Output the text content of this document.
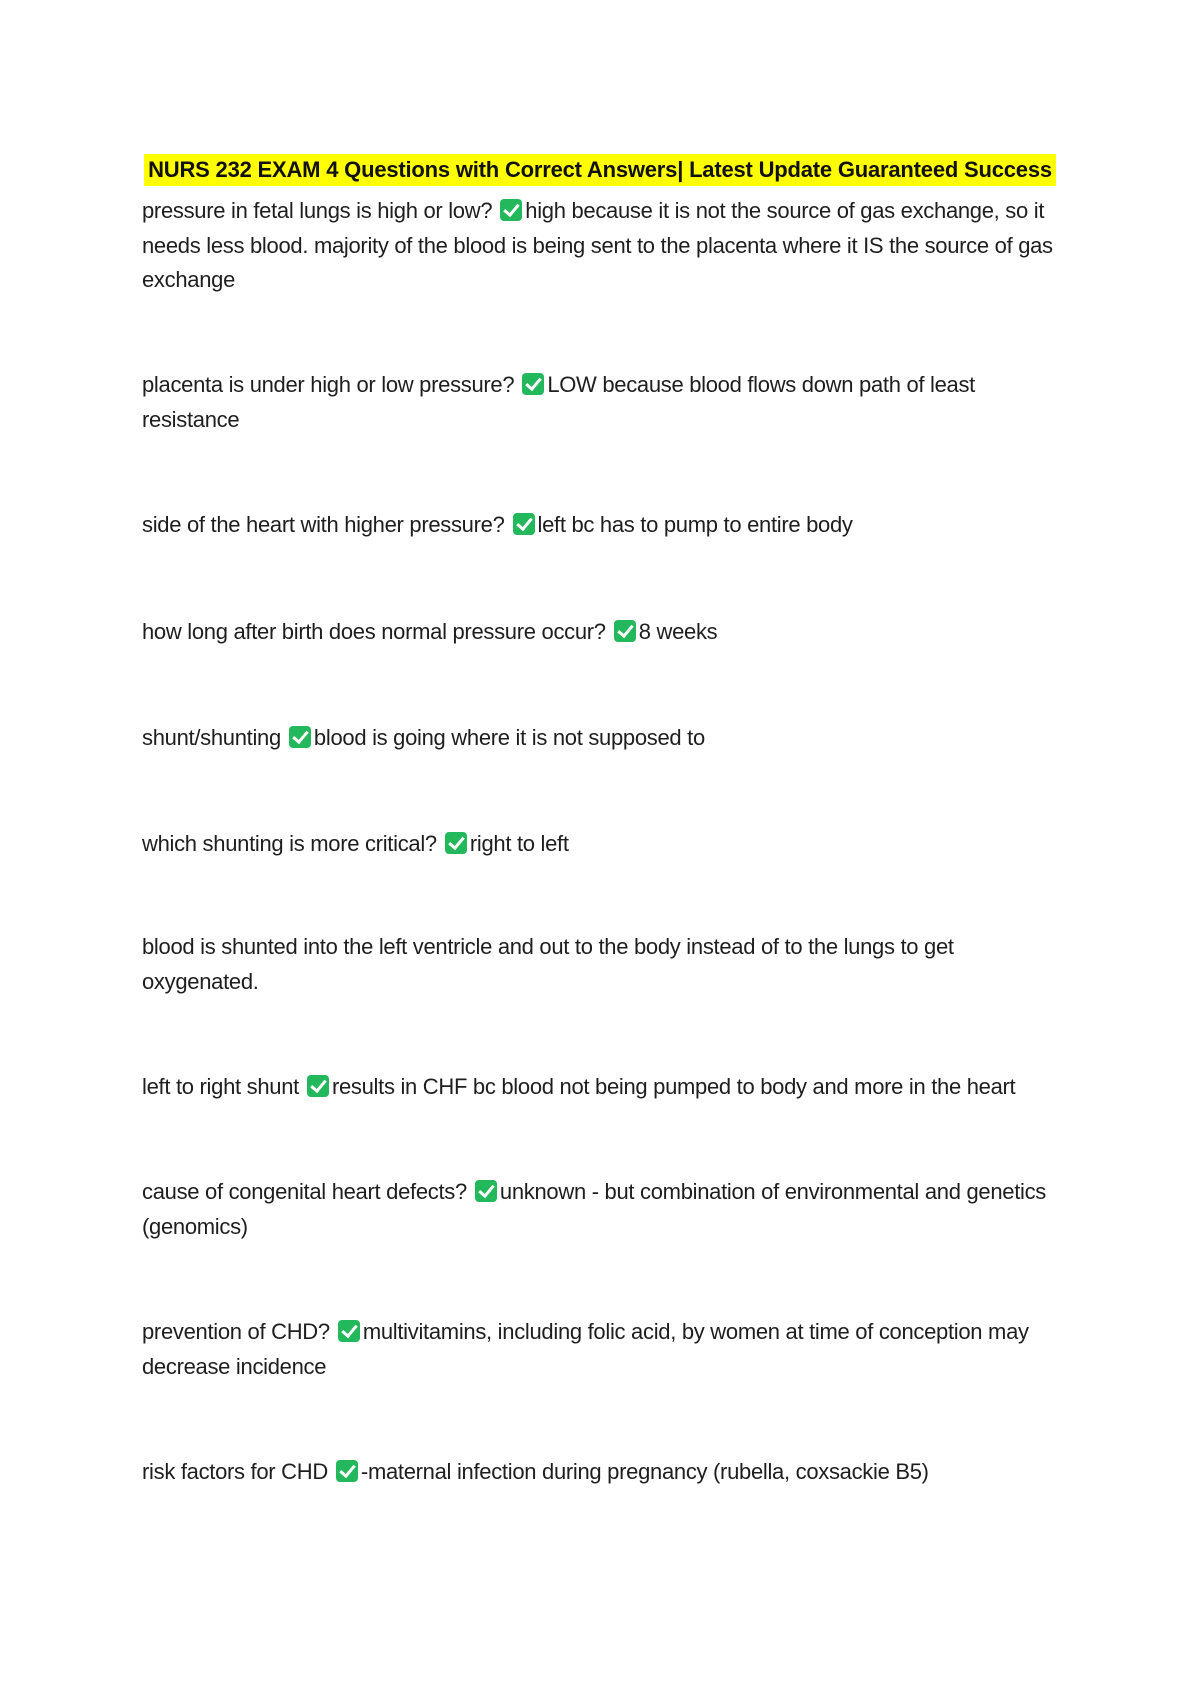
NURS 232 EXAM 4 Questions with Correct Answers| Latest Update Guaranteed Success
pressure in fetal lungs is high or low? high because it is not the source of gas exchange, so it needs less blood. majority of the blood is being sent to the placenta where it IS the source of gas exchange
placenta is under high or low pressure? LOW because blood flows down path of least resistance
side of the heart with higher pressure? left bc has to pump to entire body
how long after birth does normal pressure occur? 8 weeks
shunt/shunting blood is going where it is not supposed to
which shunting is more critical? right to left
blood is shunted into the left ventricle and out to the body instead of to the lungs to get oxygenated.
left to right shunt results in CHF bc blood not being pumped to body and more in the heart
cause of congenital heart defects? unknown - but combination of environmental and genetics (genomics)
prevention of CHD? multivitamins, including folic acid, by women at time of conception may decrease incidence
risk factors for CHD -maternal infection during pregnancy (rubella, coxsackie B5)
